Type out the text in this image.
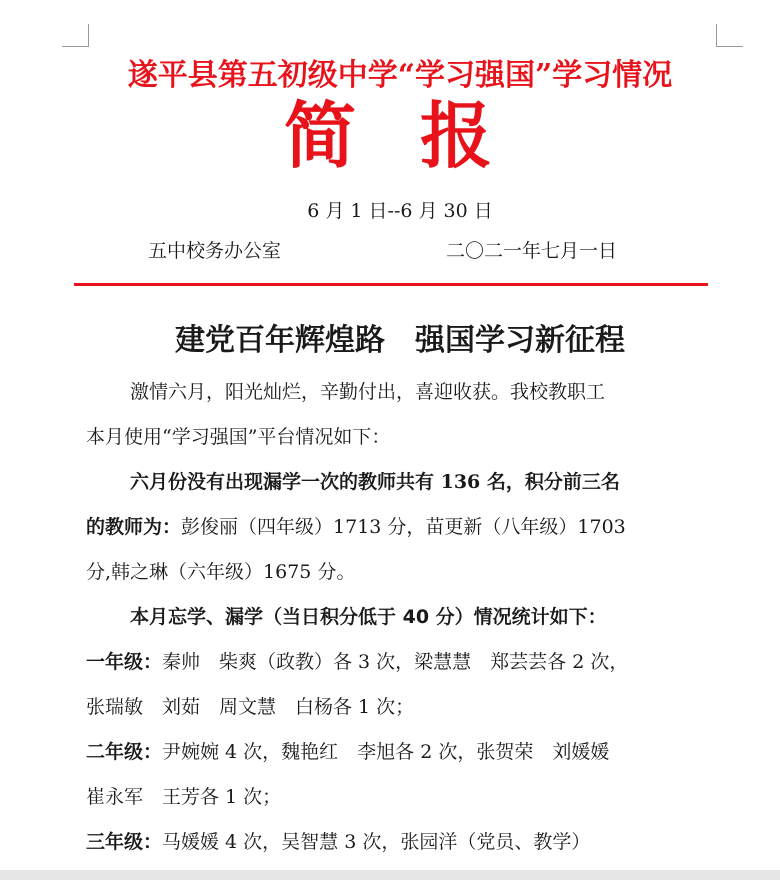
遂平县第五初级中学“学习强国”学习情况
简报
6 月 1 日--6 月 30 日
五中校务办公室	二〇二一年七月一日
建党百年辉煌路　强国学习新征程
激情六月，阳光灿烂，辛勤付出，喜迎收获。我校教职工
本月使用“学习强国”平台情况如下：
六月份没有出现漏学一次的教师共有 136 名，积分前三名
的教师为：彭俊丽（四年级）1713 分，苗更新（八年级）1703
分,韩之琳（六年级）1675 分。
本月忘学、漏学（当日积分低于 40 分）情况统计如下：
一年级：秦帅　柴爽（政教）各 3 次，梁慧慧　郑芸芸各 2 次，
张瑞敏　刘茹　周文慧　白杨各 1 次；
二年级：尹婉婉 4 次，魏艳红　李旭各 2 次，张贺荣　刘媛媛
崔永军　王芳各 1 次；
三年级：马媛媛 4 次，吴智慧 3 次，张园洋（党员、教学）
